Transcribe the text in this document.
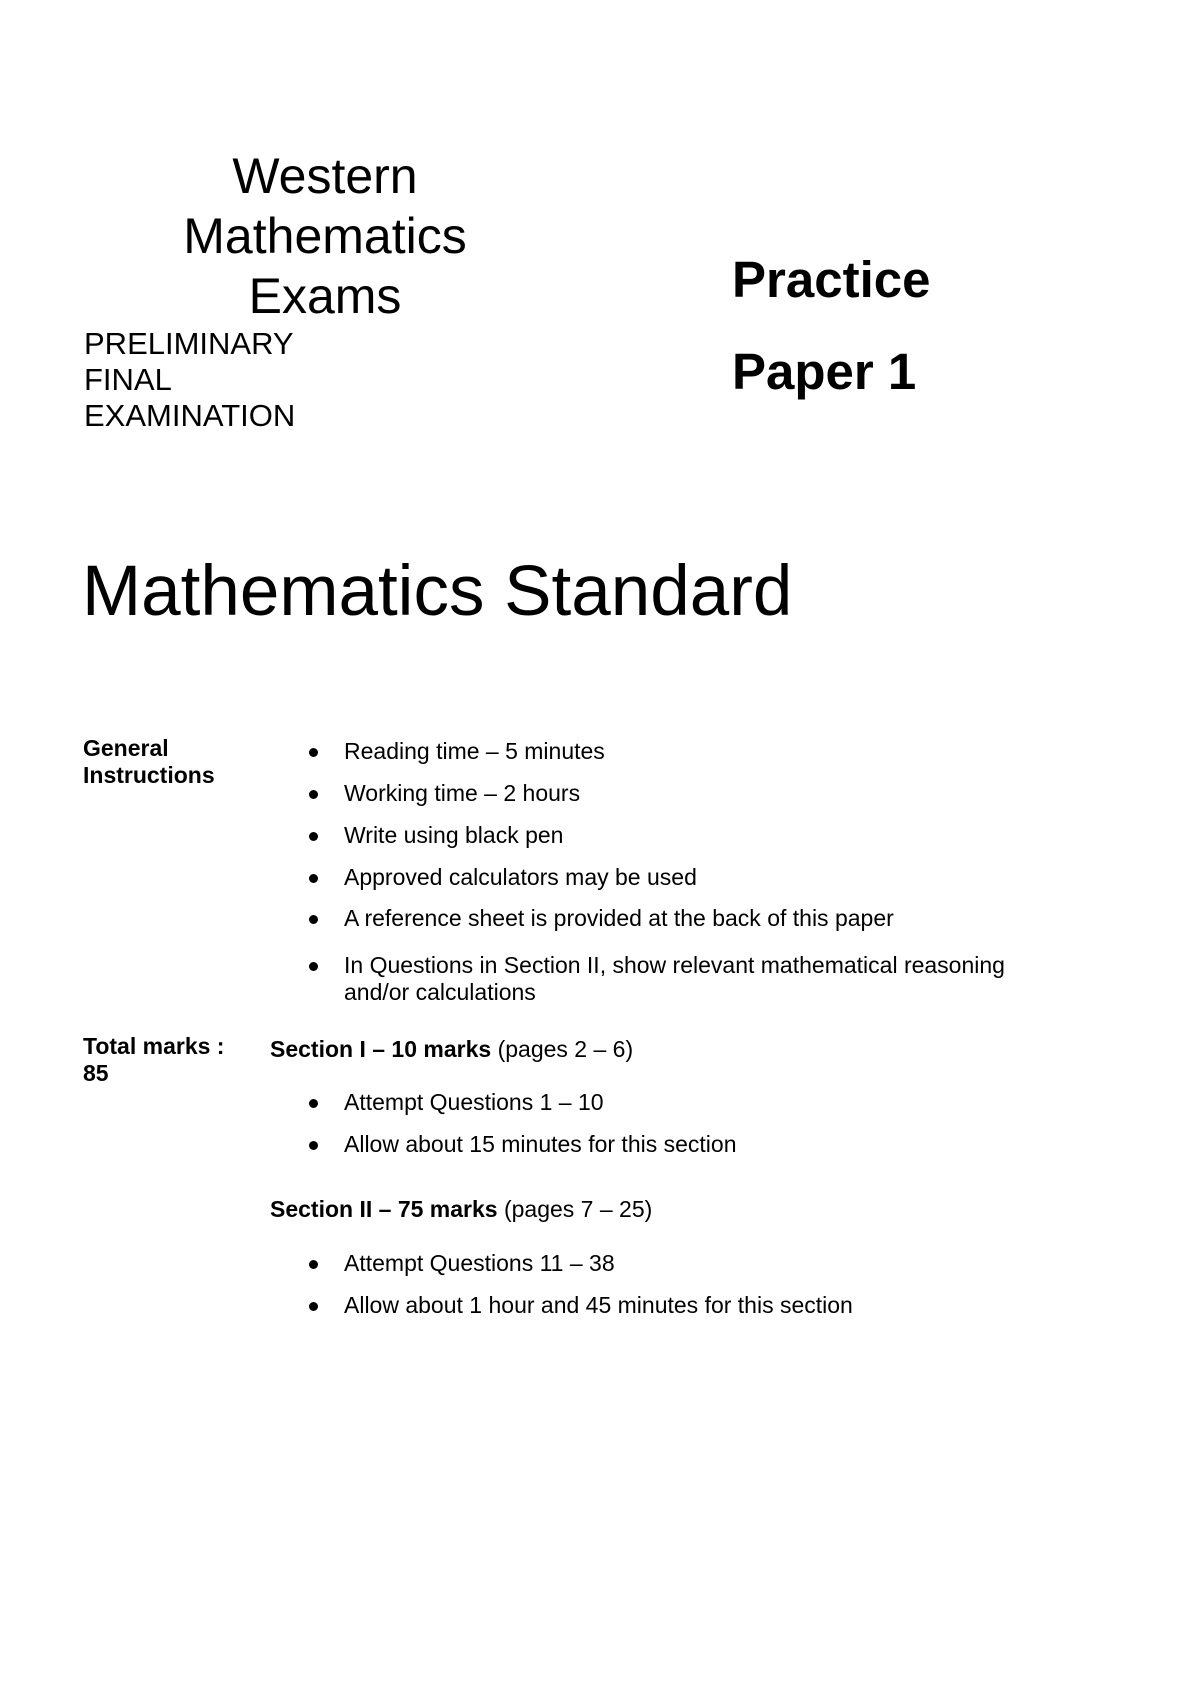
Western
Mathematics
Exams
PRELIMINARY
FINAL
EXAMINATION
Practice
Paper 1
Mathematics Standard
General
Instructions
Reading time – 5 minutes
Working time – 2 hours
Write using black pen
Approved calculators may be used
A reference sheet is provided at the back of this paper
In Questions in Section II, show relevant mathematical reasoning
and/or calculations
Total marks :
85
Section I – 10 marks (pages 2 – 6)
Attempt Questions 1 – 10
Allow about 15 minutes for this section
Section II – 75 marks (pages 7 – 25)
Attempt Questions 11 – 38
Allow about 1 hour and 45 minutes for this section
